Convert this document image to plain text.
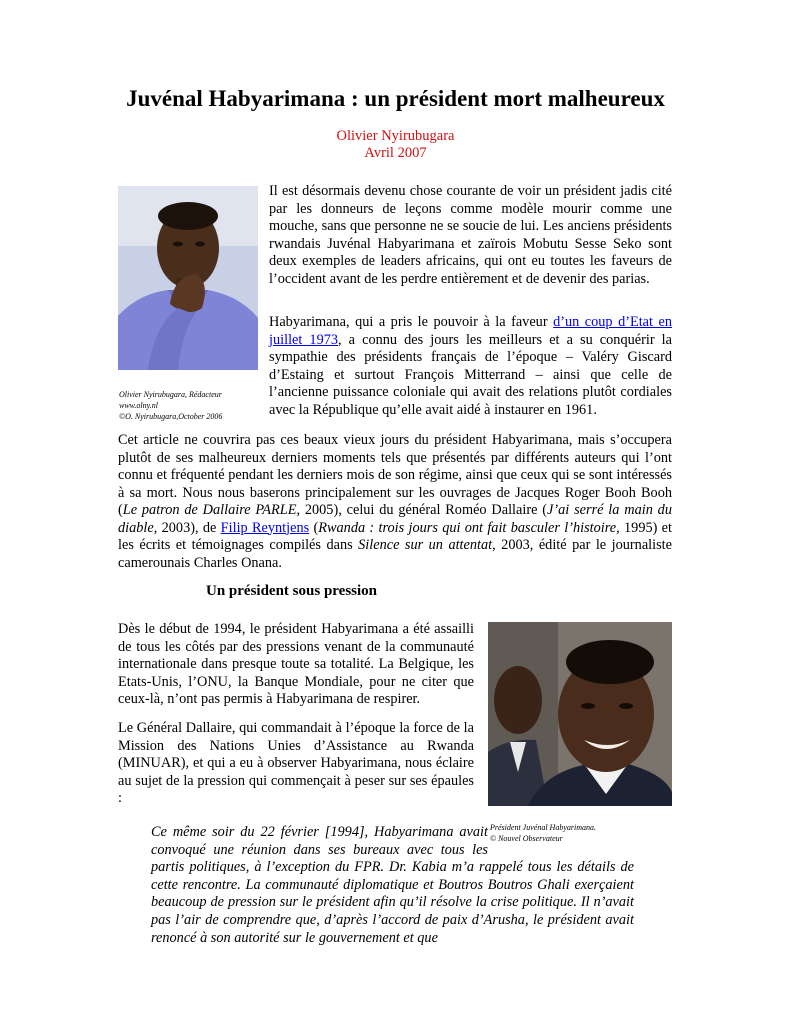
Juvénal Habyarimana : un président mort malheureux
Olivier Nyirubugara
Avril 2007
Olivier Nyirubugara, Rédacteur
www.olny.nl
©O. Nyirubugara,October 2006

Il est désormais devenu chose courante de voir un président jadis cité par les donneurs de leçons comme modèle mourir comme une mouche, sans que personne ne se soucie de lui. Les anciens présidents rwandais Juvénal Habyarimana et zaïrois Mobutu Sesse Seko sont deux exemples de leaders africains, qui ont eu toutes les faveurs de l’occident avant de les perdre entièrement et de devenir des parias.

Habyarimana, qui a pris le pouvoir à la faveur d’un coup d’Etat en juillet 1973, a connu des jours les meilleurs et a su conquérir la sympathie des présidents français de l’époque – Valéry Giscard d’Estaing et surtout François Mitterrand – ainsi que celle de l’ancienne puissance coloniale qui avait des relations plutôt cordiales avec la République qu’elle avait aidé à instaurer en 1961.

Cet article ne couvrira pas ces beaux vieux jours du président Habyarimana, mais s’occupera plutôt de ses malheureux derniers moments tels que présentés par différents auteurs qui l’ont connu et fréquenté pendant les derniers mois de son régime, ainsi que ceux qui se sont intéressés à sa mort. Nous nous baserons principalement sur les ouvrages de Jacques Roger Booh Booh (Le patron de Dallaire PARLE, 2005), celui du général Roméo Dallaire (J’ai serré la main du diable, 2003), de Filip Reyntjens (Rwanda : trois jours qui ont fait basculer l’histoire, 1995) et les écrits et témoignages compilés dans Silence sur un attentat, 2003, édité par le journaliste camerounais Charles Onana.

Un président sous pression

Dès le début de 1994, le président Habyarimana a été assailli de tous les côtés par des pressions venant de la communauté internationale dans presque toute sa totalité. La Belgique, les Etats-Unis, l’ONU, la Banque Mondiale, pour ne citer que ceux-là, n’ont pas permis à Habyarimana de respirer.

Le Général Dallaire, qui commandait à l’époque la force de la Mission des Nations Unies d’Assistance au Rwanda (MINUAR), et qui a eu à observer Habyarimana, nous éclaire au sujet de la pression qui commençait à peser sur ses épaules :

Président Juvénal Habyarimana.
© Nouvel Observateur

Ce même soir du 22 février [1994], Habyarimana avait convoqué une réunion dans ses bureaux avec tous les partis politiques, à l’exception du FPR. Dr. Kabia m’a rappelé tous les détails de cette rencontre. La communauté diplomatique et Boutros Boutros Ghali exerçaient beaucoup de pression sur le président afin qu’il résolve la crise politique. Il n’avait pas l’air de comprendre que, d’après l’accord de paix d’Arusha, le président avait renoncé à son autorité sur le gouvernement et que
